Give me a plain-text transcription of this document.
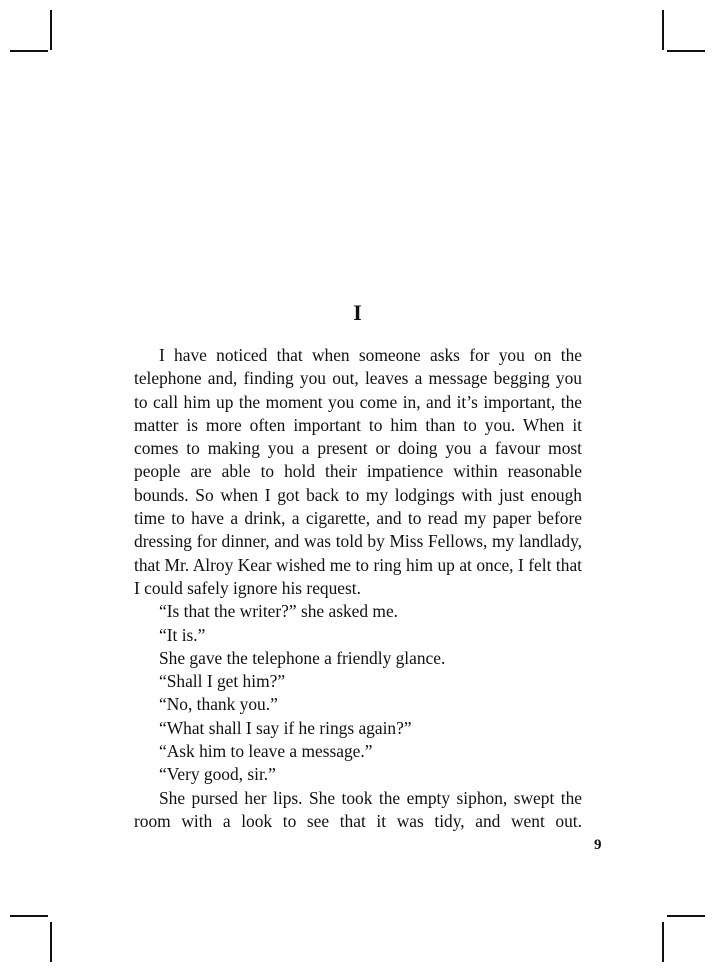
I

I have noticed that when someone asks for you on the telephone and, finding you out, leaves a message begging you to call him up the moment you come in, and it’s important, the matter is more often important to him than to you. When it comes to making you a present or doing you a favour most people are able to hold their impatience within reasonable bounds. So when I got back to my lodgings with just enough time to have a drink, a cigarette, and to read my paper before dressing for dinner, and was told by Miss Fellows, my landlady, that Mr. Alroy Kear wished me to ring him up at once, I felt that I could safely ignore his request.

“Is that the writer?” she asked me.

“It is.”

She gave the telephone a friendly glance.

“Shall I get him?”

“No, thank you.”

“What shall I say if he rings again?”

“Ask him to leave a message.”

“Very good, sir.”

She pursed her lips. She took the empty siphon, swept the room with a look to see that it was tidy, and went out.

9
